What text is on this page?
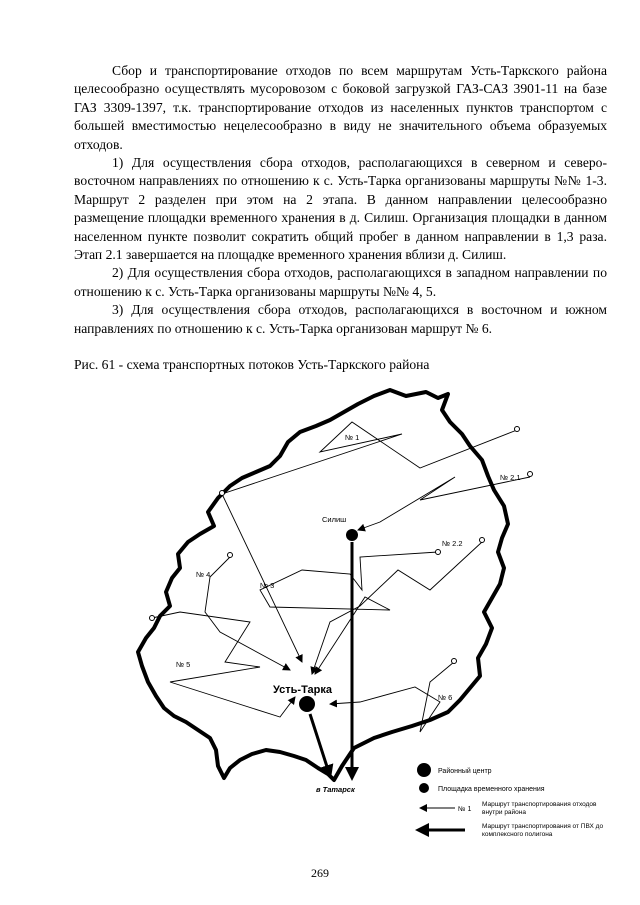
Сбор и транспортирование отходов по всем маршрутам Усть-Таркского района целесообразно осуществлять мусоровозом с боковой загрузкой ГАЗ-САЗ 3901-11 на базе ГАЗ 3309-1397, т.к. транспортирование отходов из населенных пунктов транспортом с большей вместимостью нецелесообразно в виду не значительного объема образуемых отходов.

1) Для осуществления сбора отходов, располагающихся в северном и северо-восточном направлениях по отношению к с. Усть-Тарка организованы маршруты №№ 1-3. Маршрут 2 разделен при этом на 2 этапа. В данном направлении целесообразно размещение площадки временного хранения в д. Силиш. Организация площадки в данном населенном пункте позволит сократить общий пробег в данном направлении в 1,3 раза. Этап 2.1 завершается на площадке временного хранения вблизи д. Силиш.

2) Для осуществления сбора отходов, располагающихся в западном направлении по отношению к с. Усть-Тарка организованы маршруты №№ 4, 5.

3) Для осуществления сбора отходов, располагающихся в восточном и южном направлениях по отношению к с. Усть-Тарка организован маршрут № 6.

Рис. 61 - схема транспортных потоков Усть-Таркского района
Силиш
Усть-Тарка
в Татарск
№ 1
№ 2.1
№ 2.2
№ 3
№ 4
№ 5
№ 6
Районный центр
Площадка временного хранения
№ 1
Маршрут транспортирования отходов внутри района
Маршрут транспортирования от ПВХ до комплексного полигона
269
